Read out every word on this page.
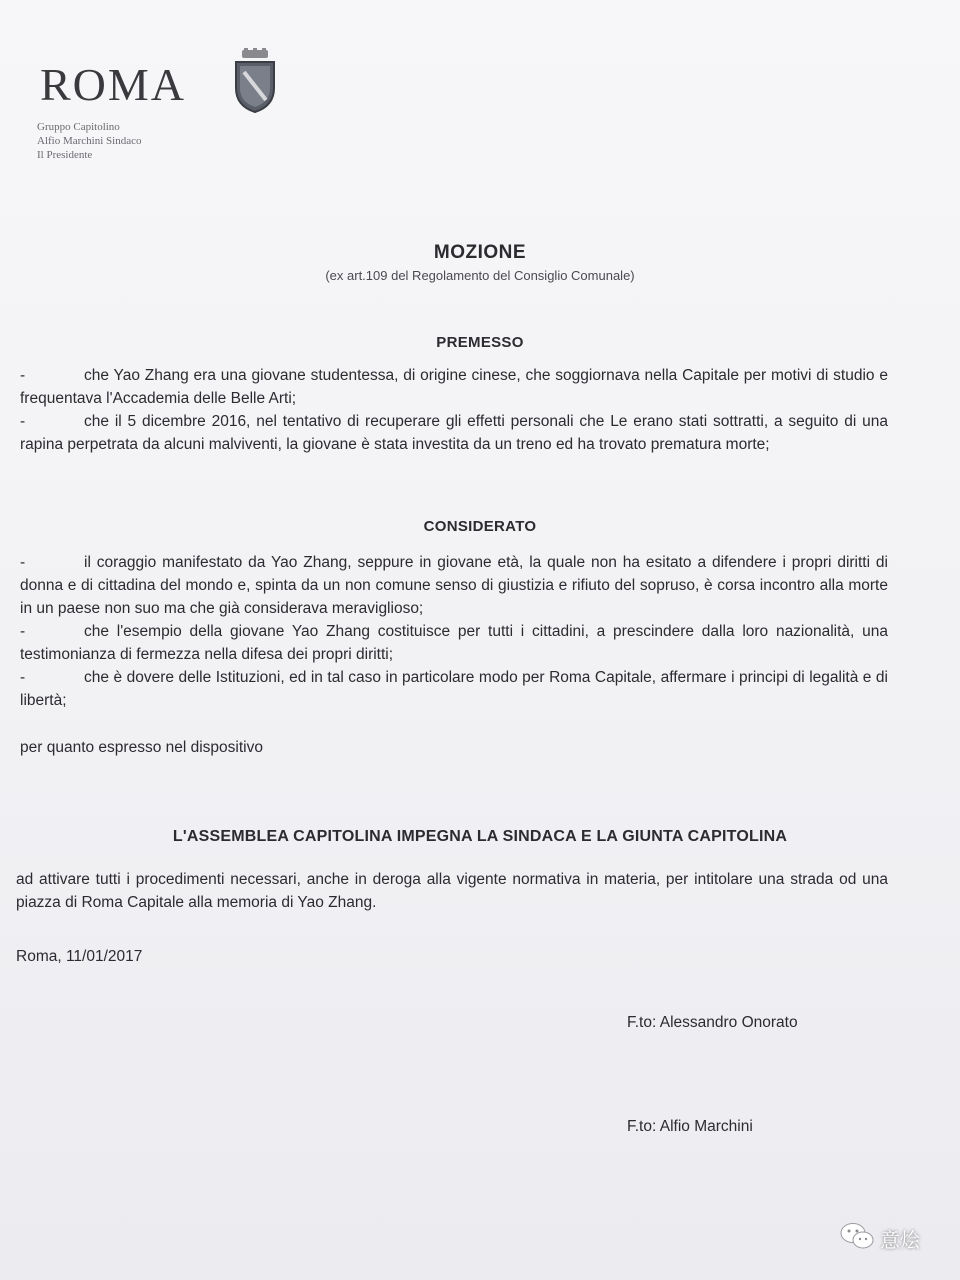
ROMA
Gruppo Capitolino
Alfio Marchini Sindaco
Il Presidente
MOZIONE
(ex art.109 del Regolamento del Consiglio Comunale)
PREMESSO
-	che Yao Zhang era una giovane studentessa, di origine cinese, che soggiornava nella Capitale per motivi di studio e frequentava l'Accademia delle Belle Arti;
-	che il 5 dicembre 2016, nel tentativo di recuperare gli effetti personali che Le erano stati sottratti, a seguito di una rapina perpetrata da alcuni malviventi, la giovane è stata investita da un treno ed ha trovato prematura morte;
CONSIDERATO
-	il coraggio manifestato da Yao Zhang, seppure in giovane età, la quale non ha esitato a difendere i propri diritti di donna e di cittadina del mondo e, spinta da un non comune senso di giustizia e rifiuto del sopruso, è corsa incontro alla morte in un paese non suo ma che già considerava meraviglioso;
-	che l'esempio della giovane Yao Zhang costituisce per tutti i cittadini, a prescindere dalla loro nazionalità, una testimonianza di fermezza nella difesa dei propri diritti;
-	che è dovere delle Istituzioni, ed in tal caso in particolare modo per Roma Capitale, affermare i principi di legalità e di libertà;
per quanto espresso nel dispositivo
L'ASSEMBLEA CAPITOLINA IMPEGNA LA SINDACA E LA GIUNTA CAPITOLINA
ad attivare tutti i procedimenti necessari, anche in deroga alla vigente normativa in materia, per intitolare una strada od una piazza di Roma Capitale alla memoria di Yao Zhang.
Roma, 11/01/2017
F.to: Alessandro Onorato
F.to: Alfio Marchini
意烩
